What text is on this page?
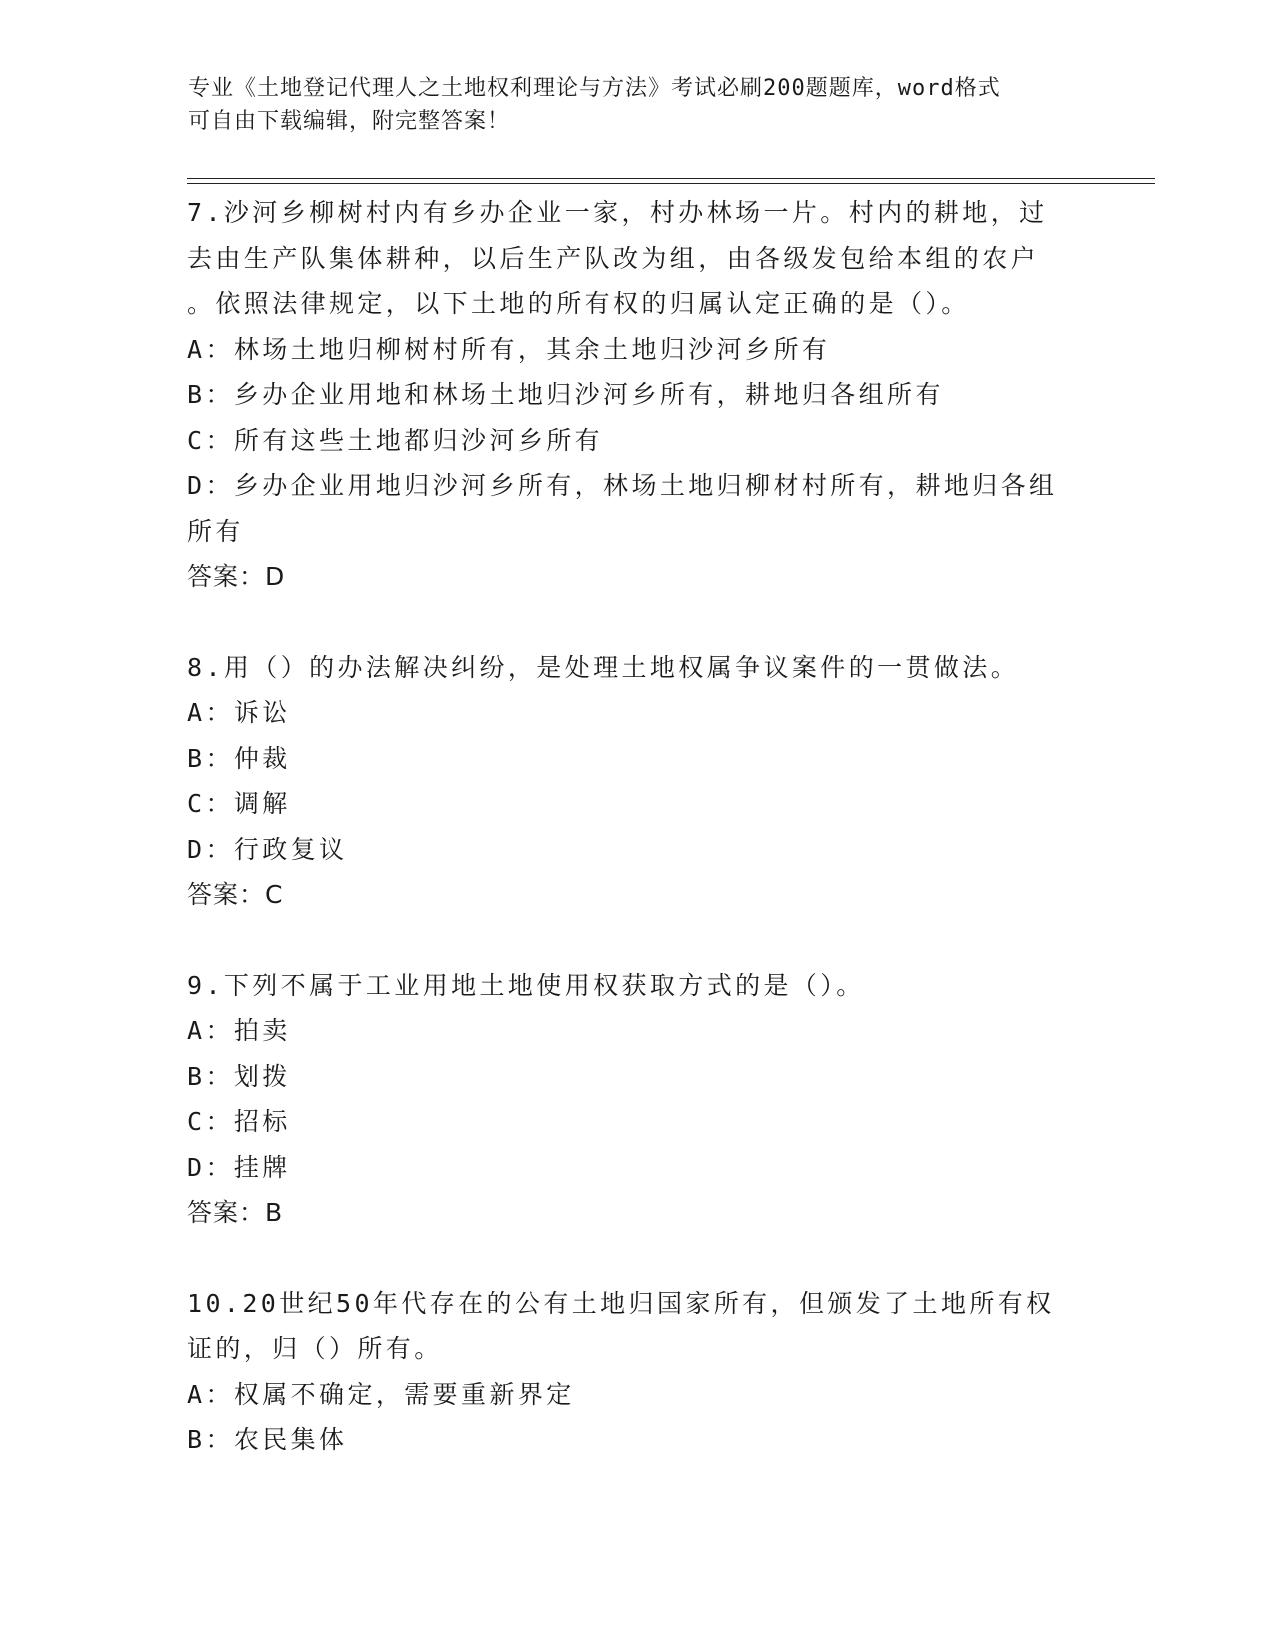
专业《土地登记代理人之土地权利理论与方法》考试必刷200题题库，word格式
可自由下载编辑，附完整答案！
7.沙河乡柳树村内有乡办企业一家，村办林场一片。村内的耕地，过
去由生产队集体耕种，以后生产队改为组，由各级发包给本组的农户
。依照法律规定，以下土地的所有权的归属认定正确的是（）。
A：林场土地归柳树村所有，其余土地归沙河乡所有
B：乡办企业用地和林场土地归沙河乡所有，耕地归各组所有
C：所有这些土地都归沙河乡所有
D：乡办企业用地归沙河乡所有，林场土地归柳材村所有，耕地归各组
所有
答案：D
8.用（）的办法解决纠纷，是处理土地权属争议案件的一贯做法。
A：诉讼
B：仲裁
C：调解
D：行政复议
答案：C
9.下列不属于工业用地土地使用权获取方式的是（）。
A：拍卖
B：划拨
C：招标
D：挂牌
答案：B
10.20世纪50年代存在的公有土地归国家所有，但颁发了土地所有权
证的，归（）所有。
A：权属不确定，需要重新界定
B：农民集体
